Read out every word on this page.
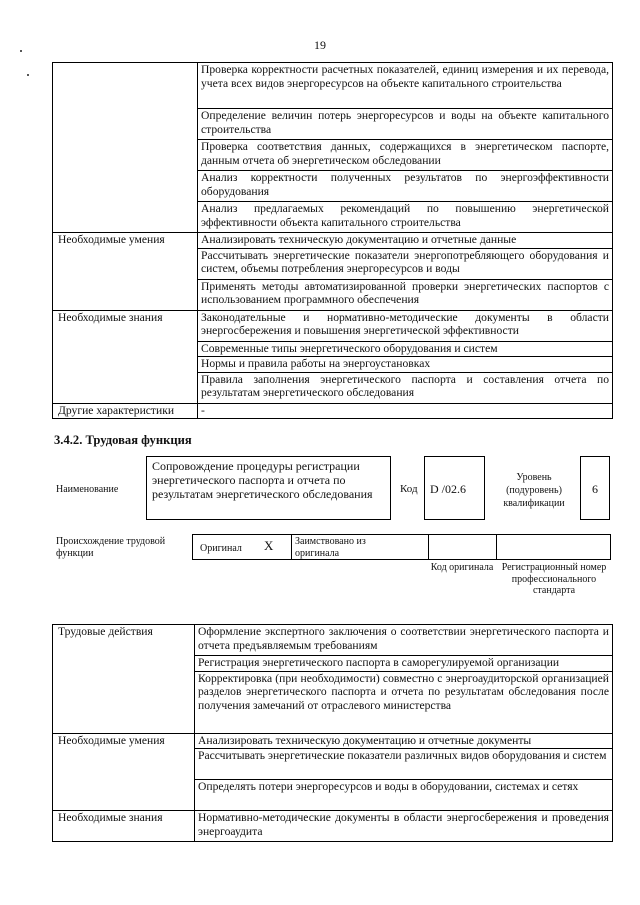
19
	Проверка корректности расчетных показателей, единиц измерения и их перевода, учета всех видов энергоресурсов на объекте капитального строительства
	Определение величин потерь энергоресурсов и воды на объекте капитального строительства
	Проверка соответствия данных, содержащихся в энергетическом паспорте, данным отчета об энергетическом обследовании
	Анализ корректности полученных результатов по энергоэффективности оборудования
	Анализ предлагаемых рекомендаций по повышению энергетической эффективности объекта капитального строительства
Необходимые умения	Анализировать техническую документацию и отчетные данные
	Рассчитывать энергетические показатели энергопотребляющего оборудования и систем, объемы потребления энергоресурсов и воды
	Применять методы автоматизированной проверки энергетических паспортов с использованием программного обеспечения
Необходимые знания	Законодательные и нормативно-методические документы в области энергосбережения и повышения энергетической эффективности
	Современные типы энергетического оборудования и систем
	Нормы и правила работы на энергоустановках
	Правила заполнения энергетического паспорта и составления отчета по результатам энергетического обследования
Другие характеристики	-
3.4.2. Трудовая функция
Наименование
Сопровождение процедуры регистрации энергетического паспорта и отчета по результатам энергетического обследования	Код	D /02.6
Уровень (подуровень) квалификации
6
Происхождение трудовой функции	Оригинал X Заимствовано из оригинала
Код оригинала Регистрационный номер профессионального стандарта
Трудовые действия	Оформление экспертного заключения о соответствии энергетического паспорта и отчета предъявляемым требованиям
	Регистрация энергетического паспорта в саморегулируемой организации
	Корректировка (при необходимости) совместно с энергоаудиторской организацией разделов энергетического паспорта и отчета по результатам обследования после получения замечаний от отраслевого министерства
Необходимые умения	Анализировать техническую документацию и отчетные документы
	Рассчитывать энергетические показатели различных видов оборудования и систем
	Определять потери энергоресурсов и воды в оборудовании, системах и сетях
Необходимые знания	Нормативно-методические документы в области энергосбережения и проведения энергоаудита
